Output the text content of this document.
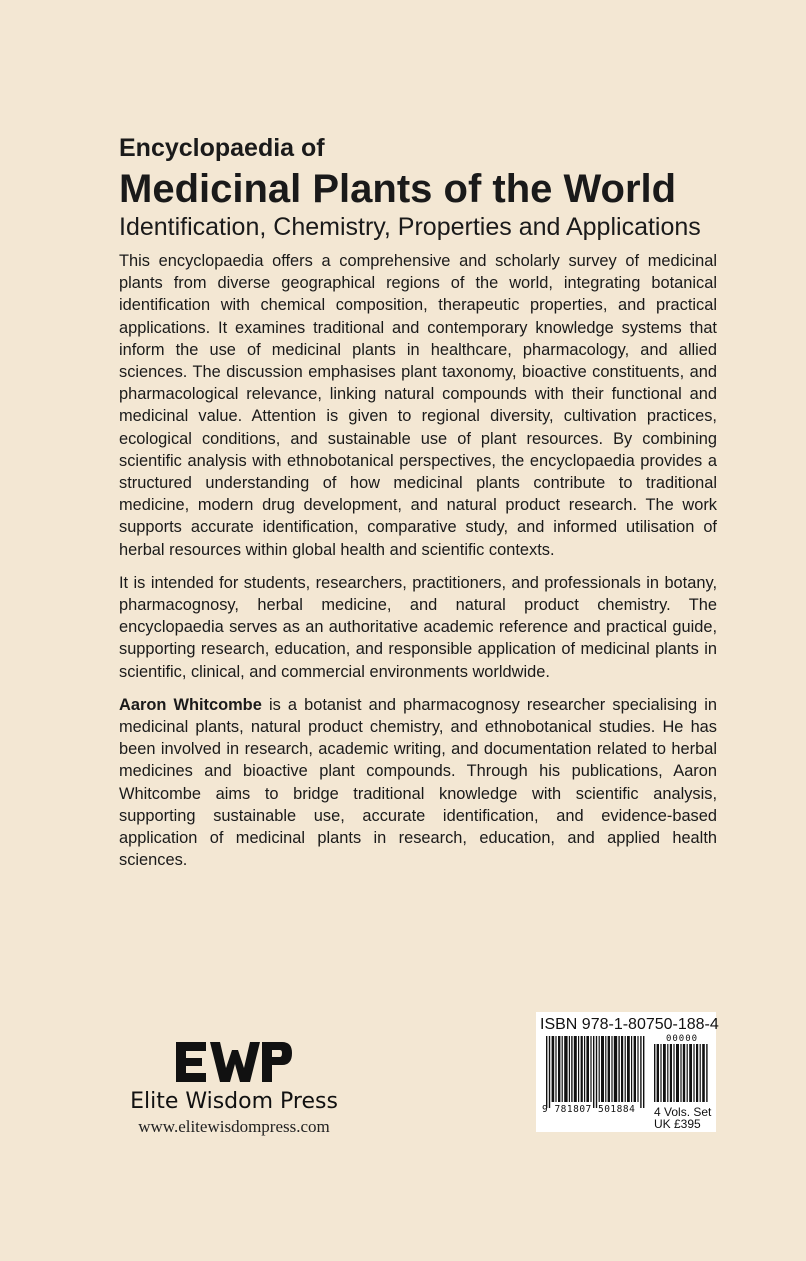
Encyclopaedia of

Medicinal Plants of the World

Identification, Chemistry, Properties and Applications

This encyclopaedia offers a comprehensive and scholarly survey of medicinal plants from diverse geographical regions of the world, integrating botanical identification with chemical composition, therapeutic properties, and practical applications. It examines traditional and contemporary knowledge systems that inform the use of medicinal plants in healthcare, pharmacology, and allied sciences. The discussion emphasises plant taxonomy, bioactive constituents, and pharmacological relevance, linking natural compounds with their functional and medicinal value. Attention is given to regional diversity, cultivation practices, ecological conditions, and sustainable use of plant resources. By combining scientific analysis with ethnobotanical perspectives, the encyclopaedia provides a structured understanding of how medicinal plants contribute to traditional medicine, modern drug development, and natural product research. The work supports accurate identification, comparative study, and informed utilisation of herbal resources within global health and scientific contexts.

It is intended for students, researchers, practitioners, and professionals in botany, pharmacognosy, herbal medicine, and natural product chemistry. The encyclopaedia serves as an authoritative academic reference and practical guide, supporting research, education, and responsible application of medicinal plants in scientific, clinical, and commercial environments worldwide.

Aaron Whitcombe is a botanist and pharmacognosy researcher specialising in medicinal plants, natural product chemistry, and ethnobotanical studies. He has been involved in research, academic writing, and documentation related to herbal medicines and bioactive plant compounds. Through his publications, Aaron Whitcombe aims to bridge traditional knowledge with scientific analysis, supporting sustainable use, accurate identification, and evidence-based application of medicinal plants in research, education, and applied health sciences.

Elite Wisdom Press
www.elitewisdompress.com
ISBN 978-1-80750-188-4
00000
9 781807 501884 4 Vols. Set
UK £395
